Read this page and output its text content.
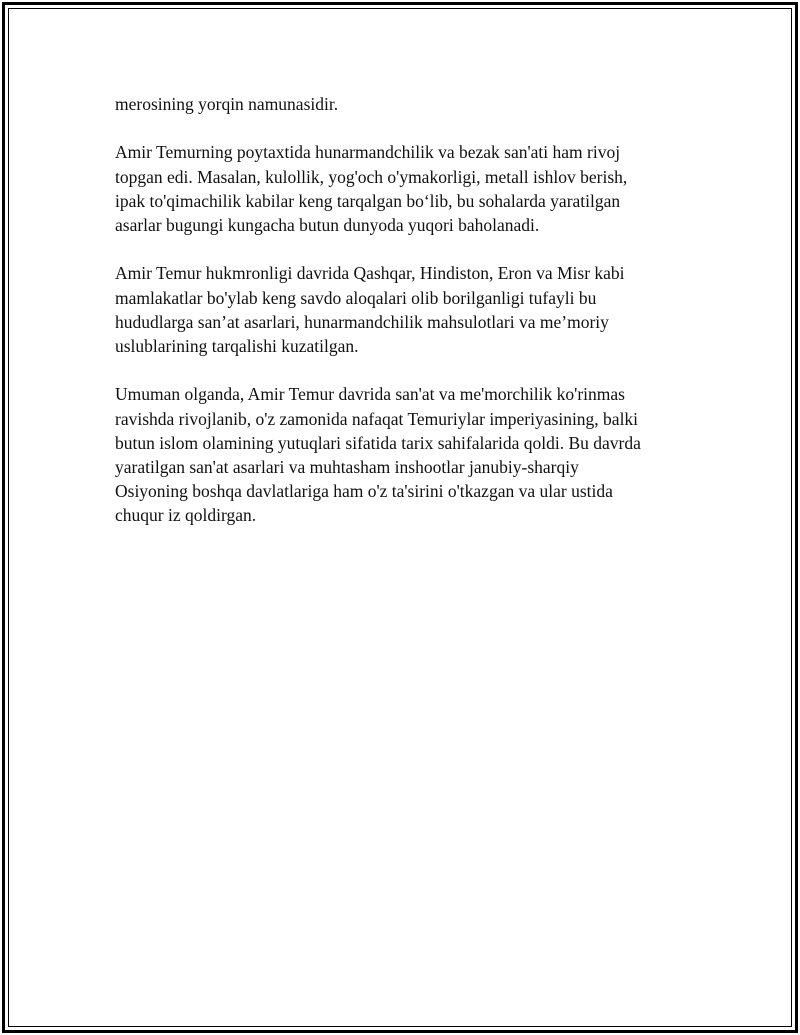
merosining yorqin namunasidir.

Amir Temurning poytaxtida hunarmandchilik va bezak san'ati ham rivoj
topgan edi. Masalan, kulollik, yog'och o'ymakorligi, metall ishlov berish,
ipak to'qimachilik kabilar keng tarqalgan bo‘lib, bu sohalarda yaratilgan
asarlar bugungi kungacha butun dunyoda yuqori baholanadi.

Amir Temur hukmronligi davrida Qashqar, Hindiston, Eron va Misr kabi
mamlakatlar bo'ylab keng savdo aloqalari olib borilganligi tufayli bu
hududlarga san’at asarlari, hunarmandchilik mahsulotlari va me’moriy
uslublarining tarqalishi kuzatilgan.

Umuman olganda, Amir Temur davrida san'at va me'morchilik ko'rinmas
ravishda rivojlanib, o'z zamonida nafaqat Temuriylar imperiyasining, balki
butun islom olamining yutuqlari sifatida tarix sahifalarida qoldi. Bu davrda
yaratilgan san'at asarlari va muhtasham inshootlar janubiy-sharqiy
Osiyoning boshqa davlatlariga ham o'z ta'sirini o'tkazgan va ular ustida
chuqur iz qoldirgan.
